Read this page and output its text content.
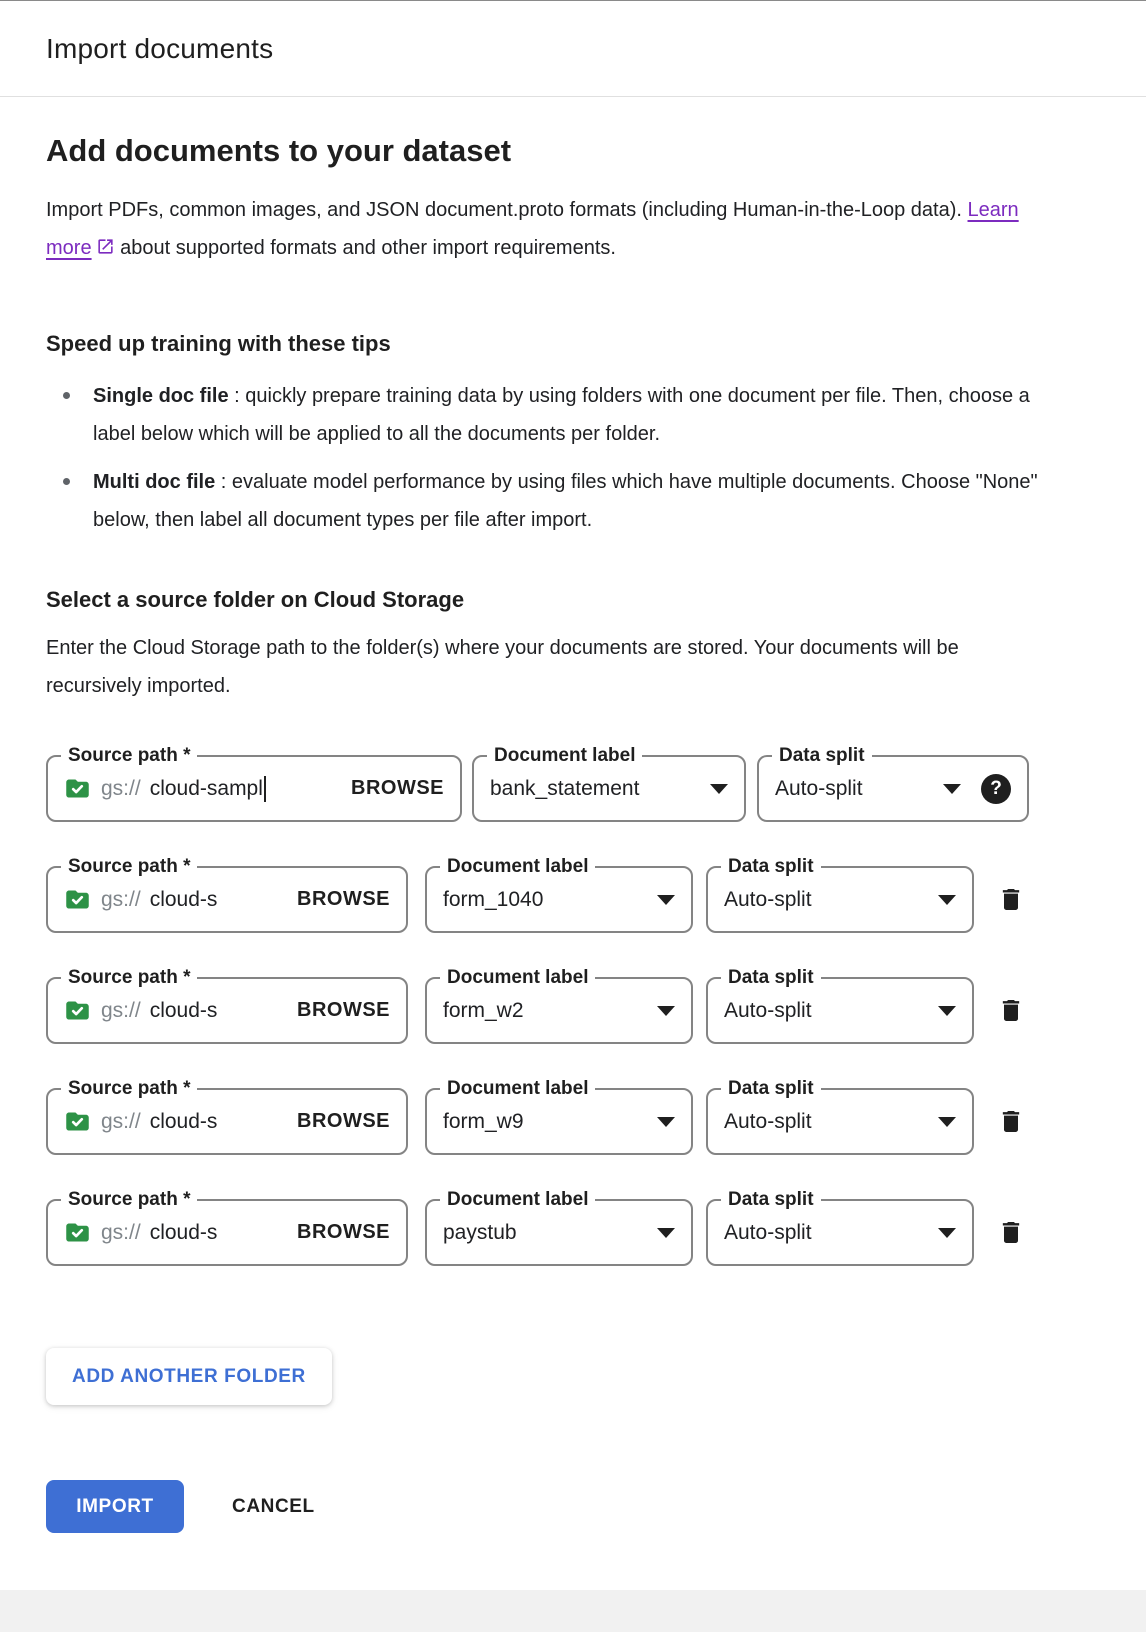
Import documents
Add documents to your dataset

Import PDFs, common images, and JSON document.proto formats (including Human-in-the-Loop data). Learn more about supported formats and other import requirements.

Speed up training with these tips
Single doc file : quickly prepare training data by using folders with one document per file. Then, choose a label below which will be applied to all the documents per folder.
Multi doc file : evaluate model performance by using files which have multiple documents. Choose "None" below, then label all document types per file after import.
Select a source folder on Cloud Storage

Enter the Cloud Storage path to the folder(s) where your documents are stored. Your documents will be recursively imported.

Source path *
gs:// cloud-sampl	BROWSE
Document label
bank_statement
Data split
Auto-split	?
Source path *
gs:// cloud-s	BROWSE
Document label
form_1040
Data split
Auto-split
Source path *
gs:// cloud-s	BROWSE
Document label
form_w2
Data split
Auto-split
Source path *
gs:// cloud-s	BROWSE
Document label
form_w9
Data split
Auto-split
Source path *
gs:// cloud-s	BROWSE
Document label
paystub
Data split
Auto-split
ADD ANOTHER FOLDER
IMPORT	CANCEL
